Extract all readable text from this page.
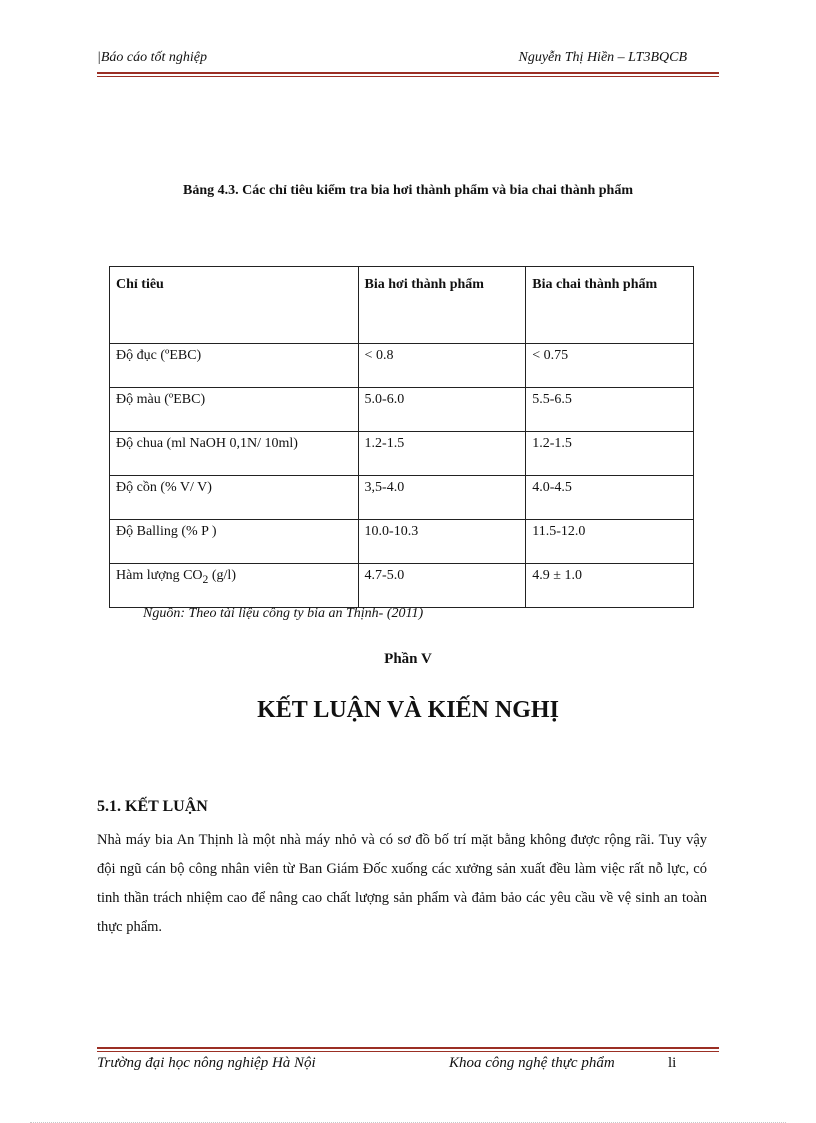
|Báo cáo tốt nghiệp	Nguyễn Thị Hiền – LT3BQCB
Bảng 4.3. Các chỉ tiêu kiểm tra bia hơi thành phẩm và bia chai thành phẩm
Chỉ tiêu	Bia hơi thành phẩm	Bia chai thành phẩm
Độ đục (ºEBC)	< 0.8	< 0.75
Độ màu (ºEBC)	5.0-6.0	5.5-6.5
Độ chua (ml NaOH 0,1N/ 10ml)	1.2-1.5	1.2-1.5
Độ cồn (% V/ V)	3,5-4.0	4.0-4.5
Độ Balling (% P )	10.0-10.3	11.5-12.0
Hàm lượng $CO_2$ (g/l)	4.7-5.0	4.9 ± 1.0
Nguồn: Theo tài liệu công ty bia an Thịnh- (2011)
Phần V
KẾT LUẬN VÀ KIẾN NGHỊ
5.1. KẾT LUẬN
Nhà máy bia An Thịnh là một nhà máy nhỏ và có sơ đồ bố trí mặt bằng không được rộng rãi. Tuy vậy đội ngũ cán bộ công nhân viên từ Ban Giám Đốc xuống các xưởng sản xuất đều làm việc rất nỗ lực, có tinh thần trách nhiệm cao để nâng cao chất lượng sản phẩm và đảm bảo các yêu cầu về vệ sinh an toàn thực phẩm.
Trường đại học nông nghiệp Hà Nội	Khoa công nghệ thực phẩm	li
